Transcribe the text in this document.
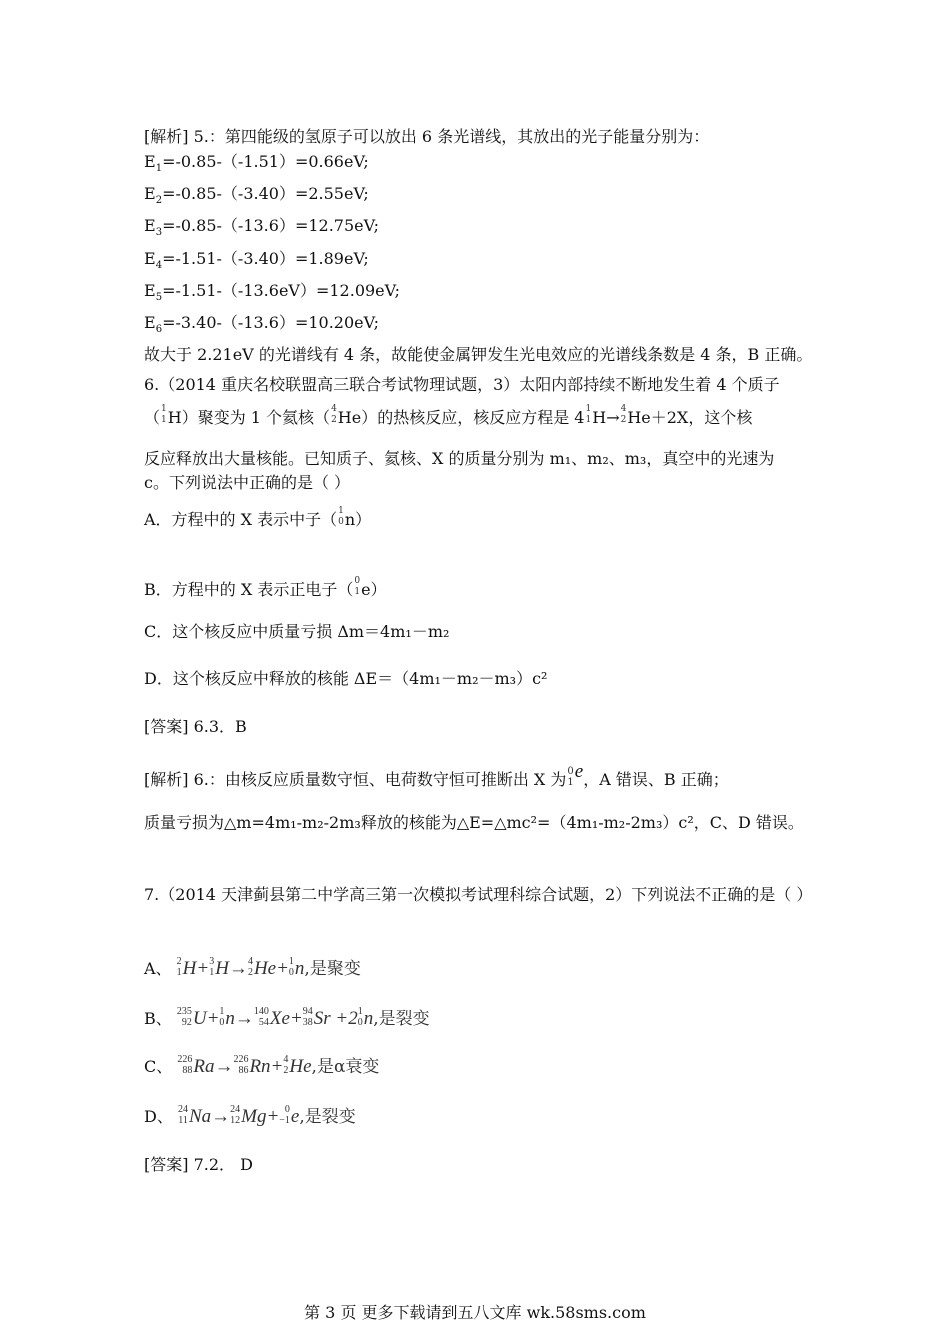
[解析] 5.：第四能级的氢原子可以放出 6 条光谱线，其放出的光子能量分别为：
$E_1=-0.85-(-1.51)=0.66eV$;
$E_2=-0.85-(-3.40)=2.55eV$;
$E_3=-0.85-(-13.6)=12.75eV$;
$E_4=-1.51-(-3.40)=1.89eV$;
$E_5=-1.51-(-13.6eV)=12.09eV$;
$E_6=-3.40-(-13.6)=10.20eV$;
故大于 2.21eV 的光谱线有 4 条，故能使金属钾发生光电效应的光谱线条数是 4 条，B 正确。
6.（2014 重庆名校联盟高三联合考试物理试题，3）太阳内部持续不断地发生着 4 个质子
（ 1
1 H）聚变为 1 个氦核（ 4
2 He）的热核反应，核反应方程是 4 1
1 H→ 4
2 He＋2X，这个核
反应释放出大量核能。已知质子、氦核、X 的质量分别为 m₁、m₂、m₃，真空中的光速为
c。下列说法中正确的是（ ）
A．方程中的 X 表示中子（ 1
0 n）
B．方程中的 X 表示正电子（ 0
1 e）
C．这个核反应中质量亏损 Δm＝4m₁－m₂
D．这个核反应中释放的核能 ΔE＝（4m₁－m₂－m₃）c²
[答案] 6.3．B
[解析] 6.：由核反应质量数守恒、电荷数守恒可推断出 X 为 0
1 e，A 错误、B 正确；
质量亏损为△m=4m₁-m₂-2m₃释放的核能为△E=△mc²=（4m₁-m₂-2m₃）c²，C、D 错误。
7.（2014 天津蓟县第二中学高三第一次模拟考试理科综合试题，2）下列说法不正确的是（ ）
A、 2
1 H+ 3
1 H→ 4
2 He+ 1
0 n,是聚变
B、 235
92 U+ 1
0 n→ 140
54 Xe+ 94
38 Sr +2 1
0 n,是裂变
C、 226
88 Ra→ 226
86 Rn+ 4
2 He,是α衰变
D、 24
11 Na→ 24
12 Mg+ 0
−1 e,是裂变
[答案] 7.2． D
第 3 页 更多下载请到五八文库 wk.58sms.com
